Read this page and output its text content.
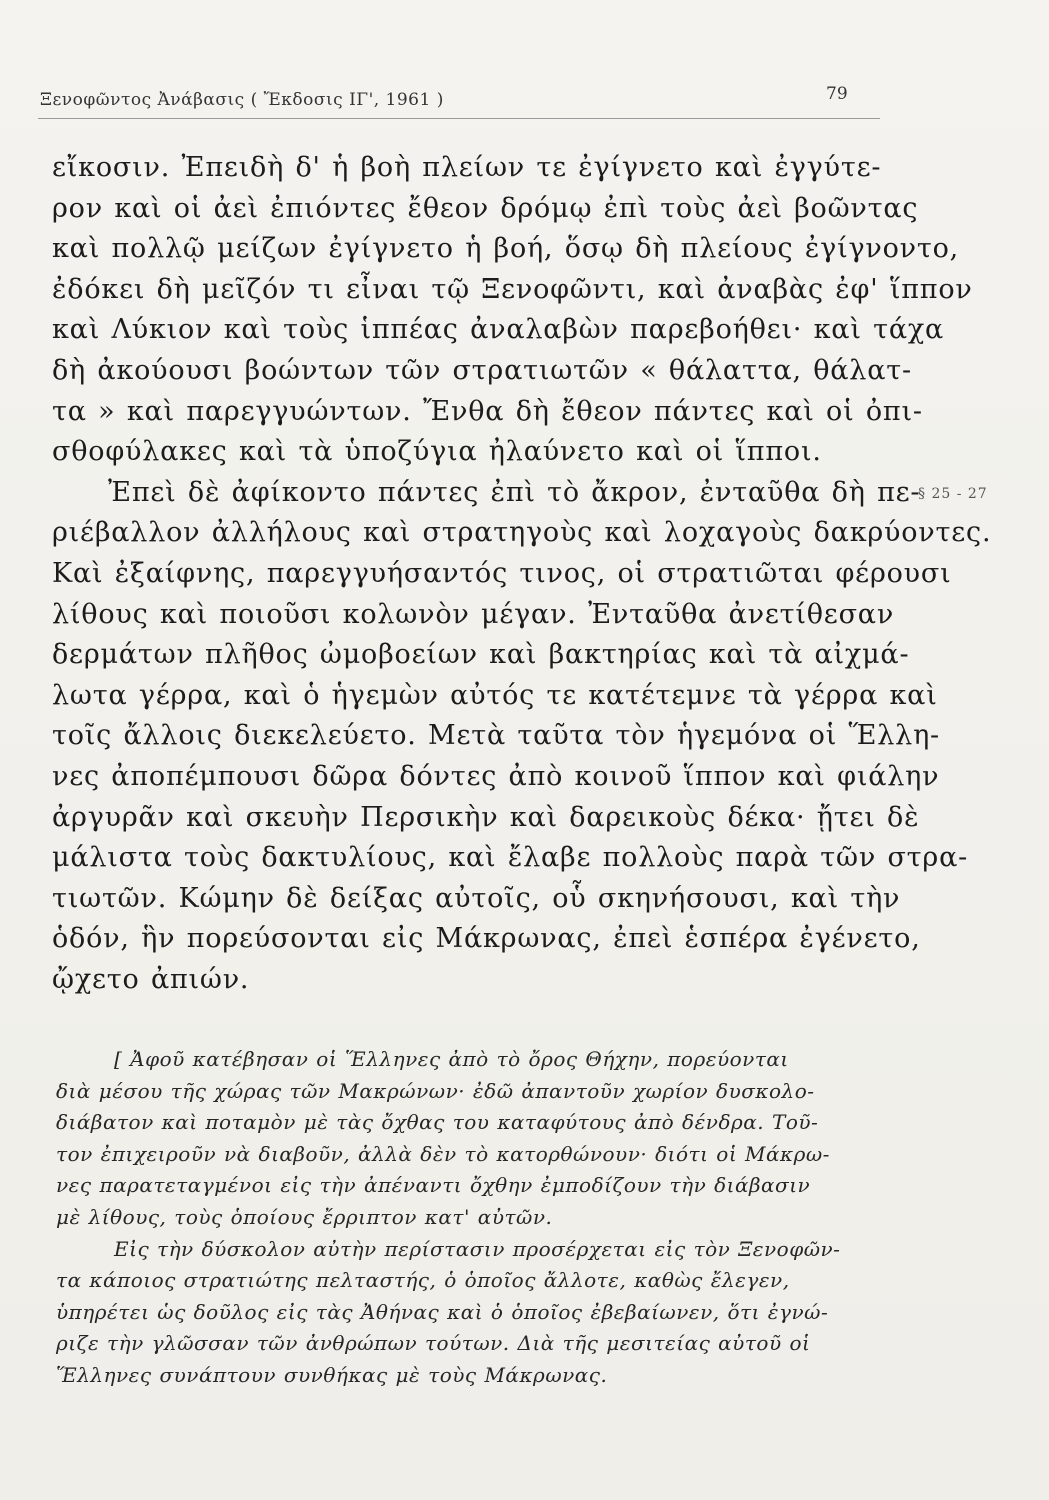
Ξενοφῶντος Ἀνάβασις ( Ἔκδοσις ΙΓ', 1961 )	79
εἴκοσιν. Ἐπειδὴ δ' ἡ βοὴ πλείων τε ἐγίγνετο καὶ ἐγγύτε-
ρον καὶ οἱ ἀεὶ ἐπιόντες ἔθεον δρόμῳ ἐπὶ τοὺς ἀεὶ βοῶντας
καὶ πολλῷ μείζων ἐγίγνετο ἡ βοή, ὅσῳ δὴ πλείους ἐγίγνοντο,
ἐδόκει δὴ μεῖζόν τι εἶναι τῷ Ξενοφῶντι, καὶ ἀναβὰς ἐφ' ἵππον
καὶ Λύκιον καὶ τοὺς ἱππέας ἀναλαβὼν παρεβοήθει· καὶ τάχα
δὴ ἀκούουσι βοώντων τῶν στρατιωτῶν « θάλαττα, θάλατ-
τα » καὶ παρεγγυώντων. Ἔνθα δὴ ἔθεον πάντες καὶ οἱ ὀπι-
σθοφύλακες καὶ τὰ ὑποζύγια ἠλαύνετο καὶ οἱ ἵπποι.
Ἐπεὶ δὲ ἀφίκοντο πάντες ἐπὶ τὸ ἄκρον, ἐνταῦθα δὴ πε-
ριέβαλλον ἀλλήλους καὶ στρατηγοὺς καὶ λοχαγοὺς δακρύοντες.
Καὶ ἐξαίφνης, παρεγγυήσαντός τινος, οἱ στρατιῶται φέρουσι
λίθους καὶ ποιοῦσι κολωνὸν μέγαν. Ἐνταῦθα ἀνετίθεσαν
δερμάτων πλῆθος ὠμοβοείων καὶ βακτηρίας καὶ τὰ αἰχμά-
λωτα γέρρα, καὶ ὁ ἡγεμὼν αὐτός τε κατέτεμνε τὰ γέρρα καὶ
τοῖς ἄλλοις διεκελεύετο. Μετὰ ταῦτα τὸν ἡγεμόνα οἱ Ἕλλη-
νες ἀποπέμπουσι δῶρα δόντες ἀπὸ κοινοῦ ἵππον καὶ φιάλην
ἀργυρᾶν καὶ σκευὴν Περσικὴν καὶ δαρεικοὺς δέκα· ᾔτει δὲ
μάλιστα τοὺς δακτυλίους, καὶ ἔλαβε πολλοὺς παρὰ τῶν στρα-
τιωτῶν. Κώμην δὲ δείξας αὐτοῖς, οὗ σκηνήσουσι, καὶ τὴν
ὁδόν, ἣν πορεύσονται εἰς Μάκρωνας, ἐπεὶ ἑσπέρα ἐγένετο,
ᾤχετο ἀπιών.
§ 25 - 27
[ Ἀφοῦ κατέβησαν οἱ Ἕλληνες ἀπὸ τὸ ὄρος Θήχην, πορεύονται
διὰ μέσου τῆς χώρας τῶν Μακρώνων· ἐδῶ ἀπαντοῦν χωρίον δυσκολο-
διάβατον καὶ ποταμὸν μὲ τὰς ὄχθας του καταφύτους ἀπὸ δένδρα. Τοῦ-
τον ἐπιχειροῦν νὰ διαβοῦν, ἀλλὰ δὲν τὸ κατορθώνουν· διότι οἱ Μάκρω-
νες παρατεταγμένοι εἰς τὴν ἀπέναντι ὄχθην ἐμποδίζουν τὴν διάβασιν
μὲ λίθους, τοὺς ὁποίους ἔρριπτον κατ' αὐτῶν.
Εἰς τὴν δύσκολον αὐτὴν περίστασιν προσέρχεται εἰς τὸν Ξενοφῶν-
τα κάποιος στρατιώτης πελταστής, ὁ ὁποῖος ἄλλοτε, καθὼς ἔλεγεν,
ὑπηρέτει ὡς δοῦλος εἰς τὰς Ἀθήνας καὶ ὁ ὁποῖος ἐβεβαίωνεν, ὅτι ἐγνώ-
ριζε τὴν γλῶσσαν τῶν ἀνθρώπων τούτων. Διὰ τῆς μεσιτείας αὐτοῦ οἱ
Ἕλληνες συνάπτουν συνθήκας μὲ τοὺς Μάκρωνας.
